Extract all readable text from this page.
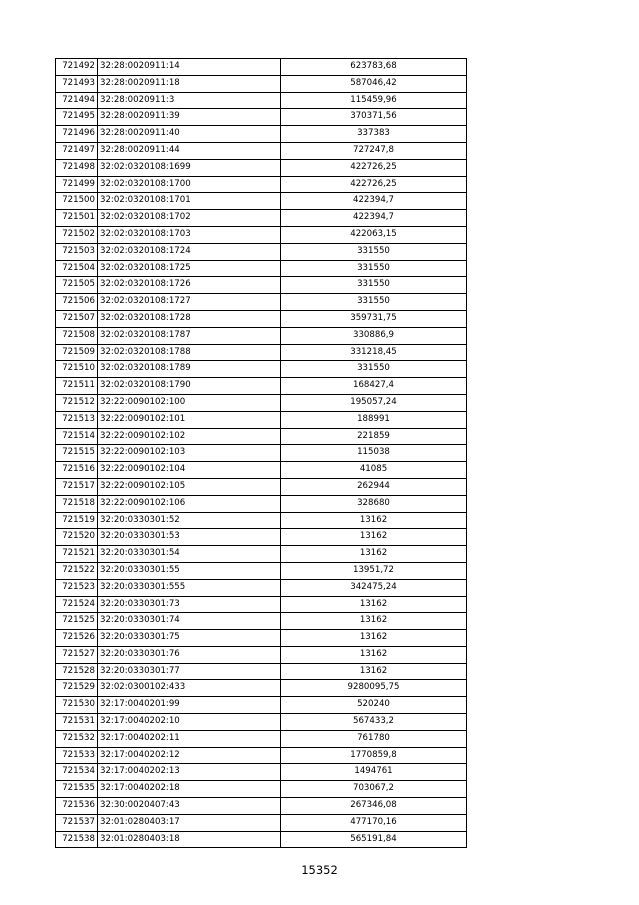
721492	32:28:0020911:14	623783,68
721493	32:28:0020911:18	587046,42
721494	32:28:0020911:3	115459,96
721495	32:28:0020911:39	370371,56
721496	32:28:0020911:40	337383
721497	32:28:0020911:44	727247,8
721498	32:02:0320108:1699	422726,25
721499	32:02:0320108:1700	422726,25
721500	32:02:0320108:1701	422394,7
721501	32:02:0320108:1702	422394,7
721502	32:02:0320108:1703	422063,15
721503	32:02:0320108:1724	331550
721504	32:02:0320108:1725	331550
721505	32:02:0320108:1726	331550
721506	32:02:0320108:1727	331550
721507	32:02:0320108:1728	359731,75
721508	32:02:0320108:1787	330886,9
721509	32:02:0320108:1788	331218,45
721510	32:02:0320108:1789	331550
721511	32:02:0320108:1790	168427,4
721512	32:22:0090102:100	195057,24
721513	32:22:0090102:101	188991
721514	32:22:0090102:102	221859
721515	32:22:0090102:103	115038
721516	32:22:0090102:104	41085
721517	32:22:0090102:105	262944
721518	32:22:0090102:106	328680
721519	32:20:0330301:52	13162
721520	32:20:0330301:53	13162
721521	32:20:0330301:54	13162
721522	32:20:0330301:55	13951,72
721523	32:20:0330301:555	342475,24
721524	32:20:0330301:73	13162
721525	32:20:0330301:74	13162
721526	32:20:0330301:75	13162
721527	32:20:0330301:76	13162
721528	32:20:0330301:77	13162
721529	32:02:0300102:433	9280095,75
721530	32:17:0040201:99	520240
721531	32:17:0040202:10	567433,2
721532	32:17:0040202:11	761780
721533	32:17:0040202:12	1770859,8
721534	32:17:0040202:13	1494761
721535	32:17:0040202:18	703067,2
721536	32:30:0020407:43	267346,08
721537	32:01:0280403:17	477170,16
721538	32:01:0280403:18	565191,84
15352
